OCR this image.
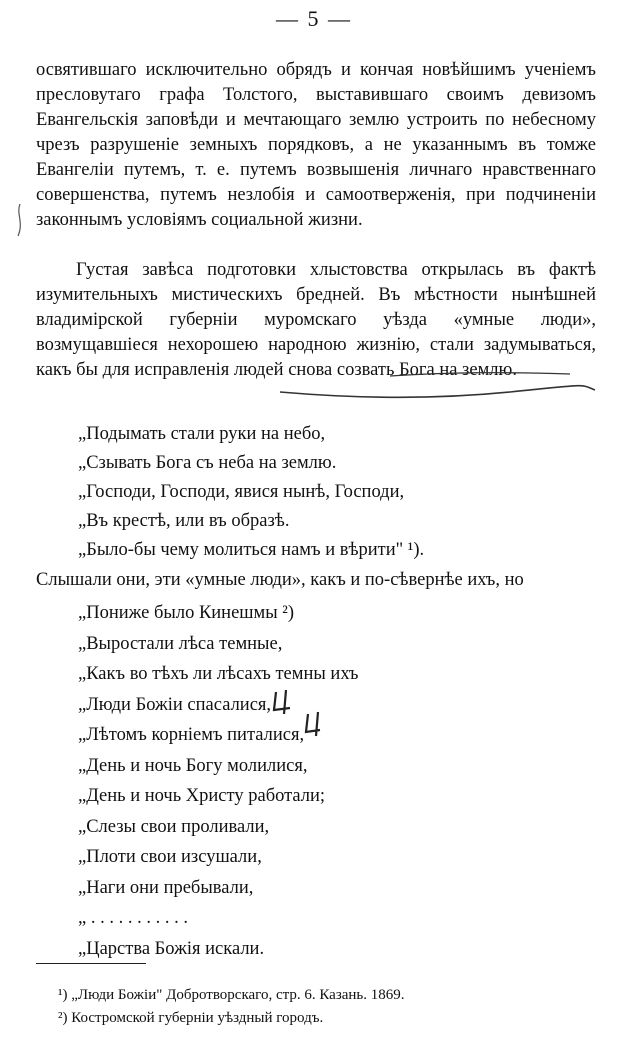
— 5 —

освятившаго исключительно обрядъ и кончая новѣйшимъ ученіемъ пресловутаго графа Толстого, выставившаго своимъ девизомъ Евангельскія заповѣди и мечтающаго землю устроить по небесному чрезъ разрушеніе земныхъ порядковъ, а не указаннымъ въ томже Евангеліи путемъ, т. е. путемъ возвышенія личнаго нравственнаго совершенства, путемъ незлобія и самоотверженія, при подчиненіи законнымъ условіямъ социальной жизни.

Густая завѣса подготовки хлыстовства открылась въ фактѣ изумительныхъ мистическихъ бредней. Въ мѣстности нынѣшней владимірской губерніи муромскаго уѣзда «умные люди», возмущавшіеся нехорошею народною жизнію, стали задумываться, какъ бы для исправленія людей снова созвать Бога на землю.

„Подымать стали руки на небо,
„Сзывать Бога съ неба на землю.
„Господи, Господи, явися нынѣ, Господи,
„Въ крестѣ, или въ образѣ.
„Было-бы чему молиться намъ и вѣрити" ¹).
Слышали они, эти «умные люди», какъ и по-сѣвернѣе ихъ, но
„Пониже было Кинешмы ²)
„Выростали лѣса темные,
„Какъ во тѣхъ ли лѣсахъ темны ихъ
„Люди Божіи спасалися,
„Лѣтомъ корніемъ питалися,
„День и ночь Богу молилися,
„День и ночь Христу работали;
„Слезы свои проливали,
„Плоти свои изсушали,
„Наги они пребывали,
„ . . . . . . . . . . .
„Царства Божія искали.
¹) „Люди Божіи" Добротворскаго, стр. 6. Казань. 1869.
²) Костромской губерніи уѣздный городъ.
